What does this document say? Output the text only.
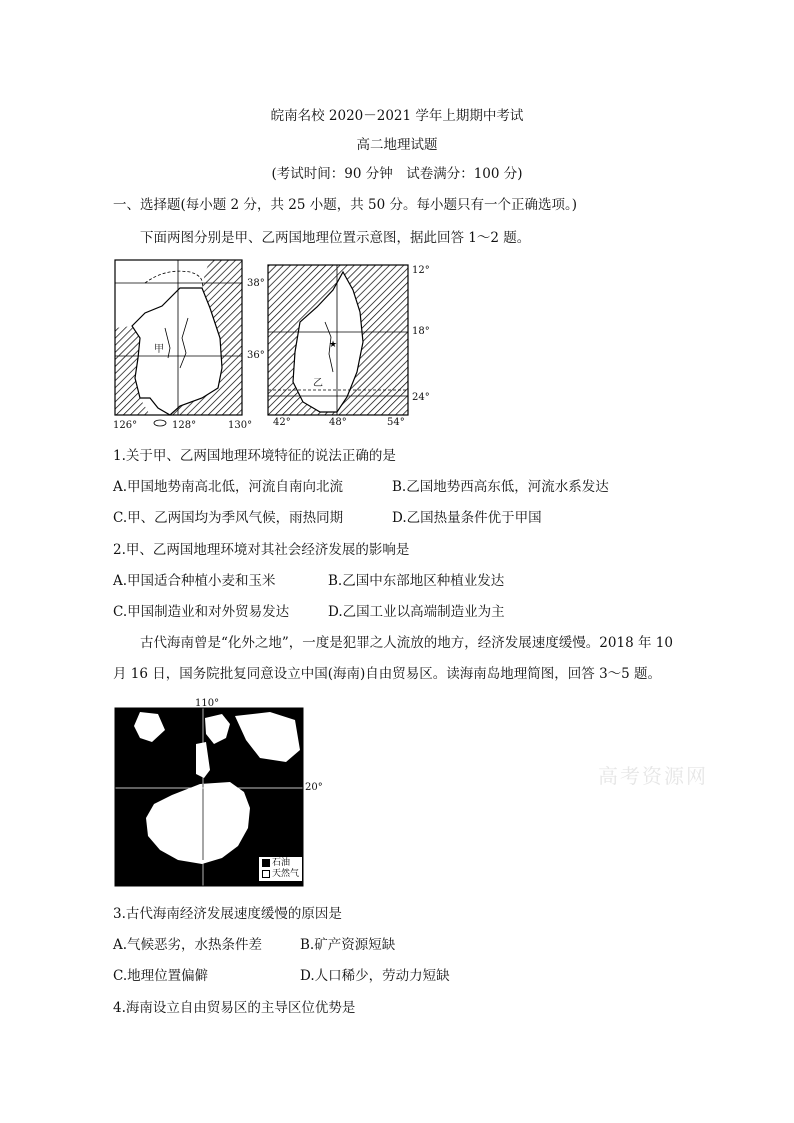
皖南名校 2020－2021 学年上期期中考试
高二地理试题
(考试时间：90 分钟　试卷满分：100 分)
一、选择题(每小题 2 分，共 25 小题，共 50 分。每小题只有一个正确选项。)
下面两图分别是甲、乙两国地理位置示意图，据此回答 1～2 题。
38°
36°
126°	128°	130°
甲	★
12°
18°
24°
42°	48°	54°
乙
1.关于甲、乙两国地理环境特征的说法正确的是
A.甲国地势南高北低，河流自南向北流	B.乙国地势西高东低，河流水系发达
C.甲、乙两国均为季风气候，雨热同期	D.乙国热量条件优于甲国
2.甲、乙两国地理环境对其社会经济发展的影响是
A.甲国适合种植小麦和玉米	B.乙国中东部地区种植业发达
C.甲国制造业和对外贸易发达	D.乙国工业以高端制造业为主
古代海南曾是“化外之地”，一度是犯罪之人流放的地方，经济发展速度缓慢。2018 年 10
月 16 日，国务院批复同意设立中国(海南)自由贸易区。读海南岛地理简图，回答 3～5 题。
110°
20°
石油
天然气
高考资源网
3.古代海南经济发展速度缓慢的原因是
A.气候恶劣，水热条件差	B.矿产资源短缺
C.地理位置偏僻	D.人口稀少，劳动力短缺
4.海南设立自由贸易区的主导区位优势是
